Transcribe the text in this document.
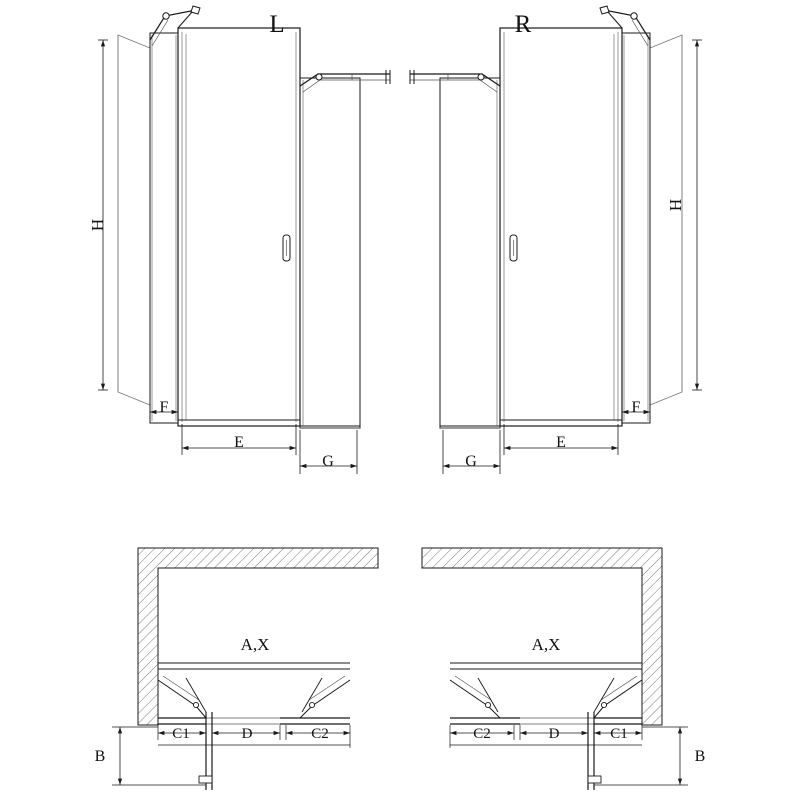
L	R
H
H
F
E
G	G
E
F
A,X	A,X
B	B
C1	D	C2	C2	D	C1
